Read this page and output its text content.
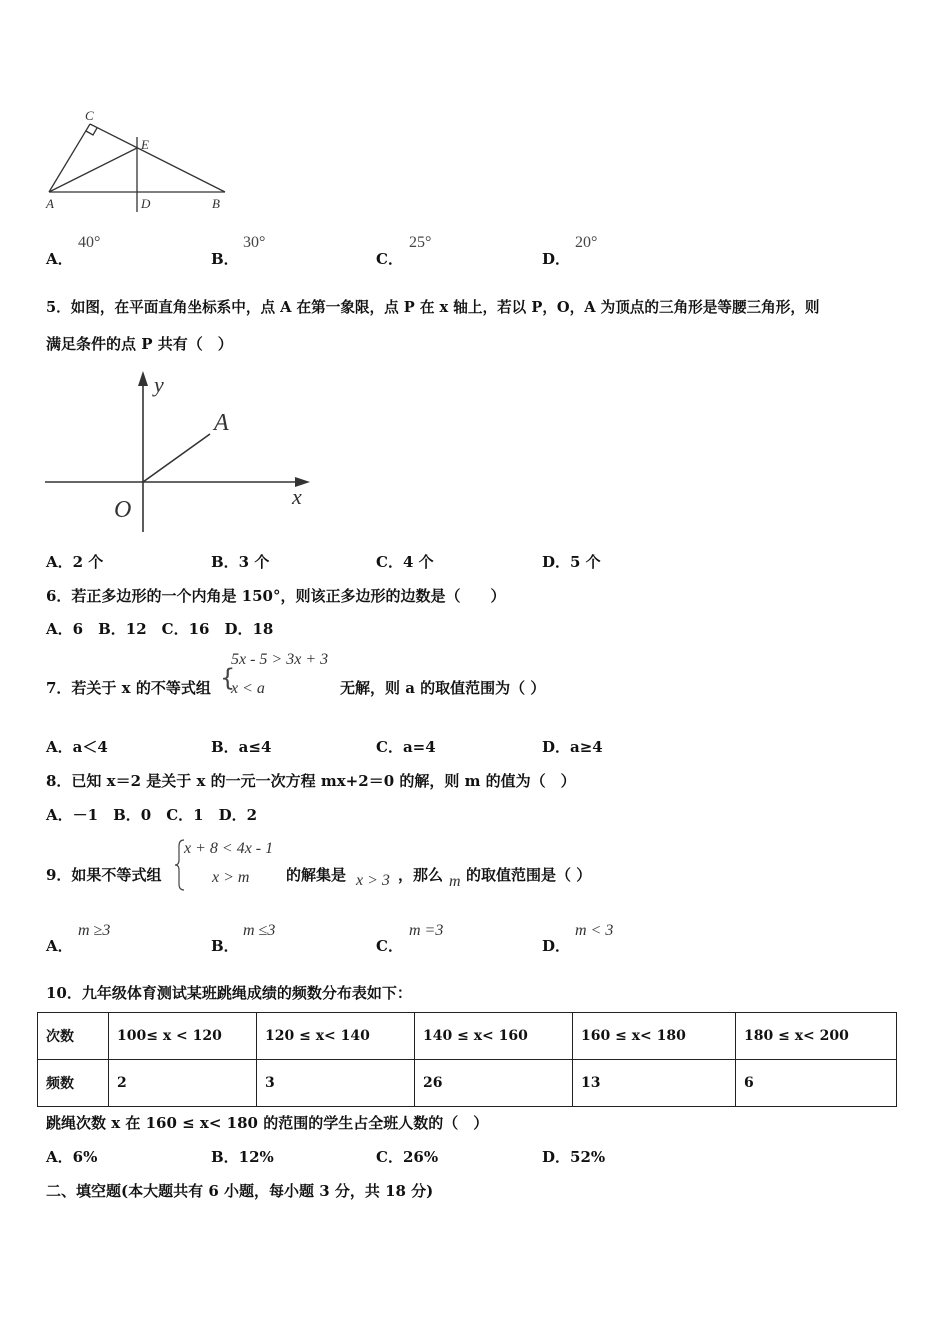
C
E
A	D	B
A．
40°
B．
30°
C．
25°
D．
20°
5．如图，在平面直角坐标系中，点 A 在第一象限，点 P 在 x 轴上，若以 P，O，A 为顶点的三角形是等腰三角形，则
满足条件的点 P 共有（　）
y
x
O
A
A．2 个	B．3 个	C．4 个	D．5 个
6．若正多边形的一个内角是 150°，则该正多边形的边数是（　　）
A．6　B．12　C．16　D．18
7．若关于 x 的不等式组 {
5x - 5 > 3x + 3
x < a	无解，则 a 的取值范围为（ ）
A．a＜4	B．a≤4	C．a=4	D．a≥4
8．已知 x＝2 是关于 x 的一元一次方程 mx+2＝0 的解，则 m 的值为（　）
A．－1　B．0　C．1　D．2
9．如果不等式组
x + 8 < 4x - 1
x > m 的解集是 x > 3 ，那么 m 的取值范围是（ ）
A．
m ≥3
B．
m ≤3
C．
m =3
D．
m < 3
10．九年级体育测试某班跳绳成绩的频数分布表如下：
次数	100≤ x < 120	120 ≤ x< 140	140 ≤ x< 160	160 ≤ x< 180	180 ≤ x< 200
频数	2	3	26	13	6
跳绳次数 x 在 160 ≤ x< 180 的范围的学生占全班人数的（　）
A．6%	B．12%	C．26%	D．52%
二、填空题(本大题共有 6 小题，每小题 3 分，共 18 分)
